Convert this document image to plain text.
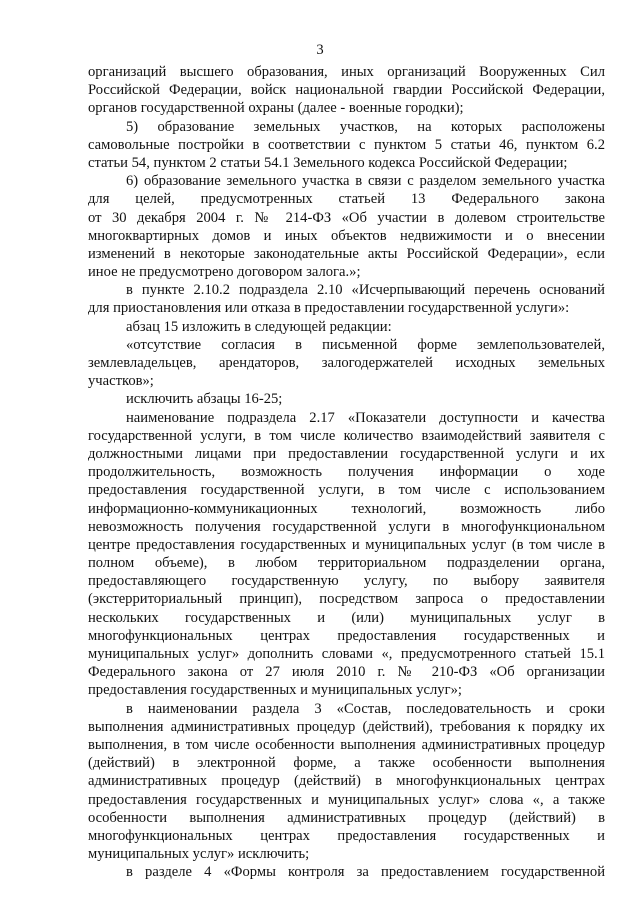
3
организаций высшего образования, иных организаций Вооруженных Сил
Российской Федерации, войск национальной гвардии Российской Федерации,
органов государственной охраны (далее - военные городки);
5) образование земельных участков, на которых расположены
самовольные постройки в соответствии с пунктом 5 статьи 46, пунктом 6.2
статьи 54, пунктом 2 статьи 54.1 Земельного кодекса Российской Федерации;
6) образование земельного участка в связи с разделом земельного участка
для целей, предусмотренных статьей 13 Федерального закона
от 30 декабря 2004 г. № 214-ФЗ «Об участии в долевом строительстве
многоквартирных домов и иных объектов недвижимости и о внесении
изменений в некоторые законодательные акты Российской Федерации», если
иное не предусмотрено договором залога.»;
в пункте 2.10.2 подраздела 2.10 «Исчерпывающий перечень оснований
для приостановления или отказа в предоставлении государственной услуги»:
абзац 15 изложить в следующей редакции:
«отсутствие согласия в письменной форме землепользователей,
землевладельцев, арендаторов, залогодержателей исходных земельных
участков»;
исключить абзацы 16-25;
наименование подраздела 2.17 «Показатели доступности и качества
государственной услуги, в том числе количество взаимодействий заявителя с
должностными лицами при предоставлении государственной услуги и их
продолжительность, возможность получения информации о ходе
предоставления государственной услуги, в том числе с использованием
информационно-коммуникационных технологий, возможность либо
невозможность получения государственной услуги в многофункциональном
центре предоставления государственных и муниципальных услуг (в том числе в
полном объеме), в любом территориальном подразделении органа,
предоставляющего государственную услугу, по выбору заявителя
(экстерриториальный принцип), посредством запроса о предоставлении
нескольких государственных и (или) муниципальных услуг в
многофункциональных центрах предоставления государственных и
муниципальных услуг» дополнить словами «, предусмотренного статьей 15.1
Федерального закона от 27 июля 2010 г. № 210-ФЗ «Об организации
предоставления государственных и муниципальных услуг»;
в наименовании раздела 3 «Состав, последовательность и сроки
выполнения административных процедур (действий), требования к порядку их
выполнения, в том числе особенности выполнения административных процедур
(действий) в электронной форме, а также особенности выполнения
административных процедур (действий) в многофункциональных центрах
предоставления государственных и муниципальных услуг» слова «, а также
особенности выполнения административных процедур (действий) в
многофункциональных центрах предоставления государственных и
муниципальных услуг» исключить;
в разделе 4 «Формы контроля за предоставлением государственной
